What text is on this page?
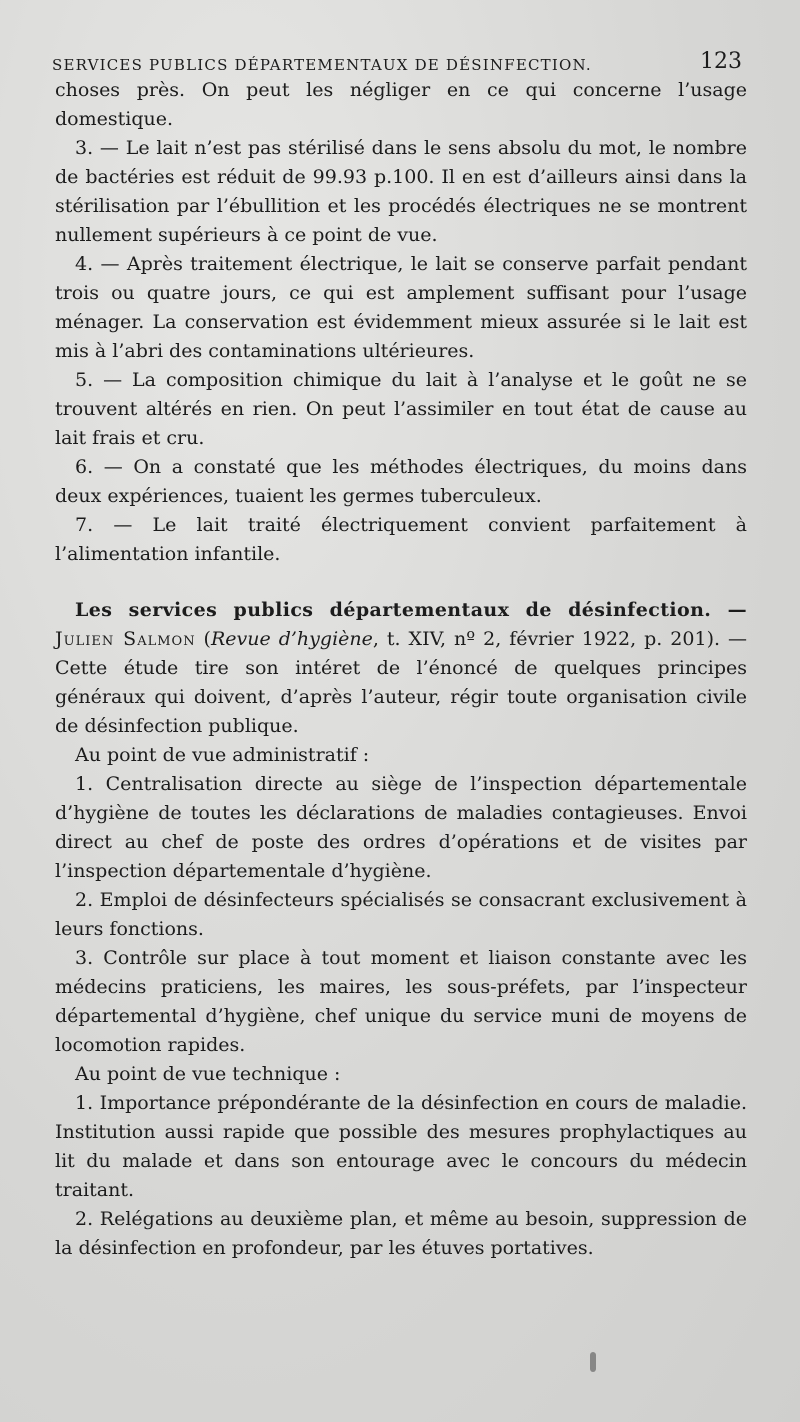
SERVICES PUBLICS DÉPARTEMENTAUX DE DÉSINFECTION.	123

choses près. On peut les négliger en ce qui concerne l’usage domestique.

3. — Le lait n’est pas stérilisé dans le sens absolu du mot, le nombre de bactéries est réduit de 99.93 p.100. Il en est d’ailleurs ainsi dans la stérilisation par l’ébullition et les procédés électriques ne se montrent nullement supérieurs à ce point de vue.

4. — Après traitement électrique, le lait se conserve parfait pendant trois ou quatre jours, ce qui est amplement suffisant pour l’usage ménager. La conservation est évidemment mieux assurée si le lait est mis à l’abri des contaminations ultérieures.

5. — La composition chimique du lait à l’analyse et le goût ne se trouvent altérés en rien. On peut l’assimiler en tout état de cause au lait frais et cru.

6. — On a constaté que les méthodes électriques, du moins dans deux expériences, tuaient les germes tuberculeux.

7. — Le lait traité électriquement convient parfaitement à l’alimentation infantile.

Les services publics départementaux de désinfection. — Julien Salmon (Revue d’hygiène, t. XIV, nº 2, février 1922, p. 201). — Cette étude tire son intéret de l’énoncé de quelques principes généraux qui doivent, d’après l’auteur, régir toute organisation civile de désinfection publique.

Au point de vue administratif :

1. Centralisation directe au siège de l’inspection départementale d’hygiène de toutes les déclarations de maladies contagieuses. Envoi direct au chef de poste des ordres d’opérations et de visites par l’inspection départementale d’hygiène.

2. Emploi de désinfecteurs spécialisés se consacrant exclusivement à leurs fonctions.

3. Contrôle sur place à tout moment et liaison constante avec les médecins praticiens, les maires, les sous-préfets, par l’inspecteur départemental d’hygiène, chef unique du service muni de moyens de locomotion rapides.

Au point de vue technique :

1. Importance prépondérante de la désinfection en cours de maladie. Institution aussi rapide que possible des mesures prophylactiques au lit du malade et dans son entourage avec le concours du médecin traitant.

2. Relégations au deuxième plan, et même au besoin, suppression de la désinfection en profondeur, par les étuves portatives.
